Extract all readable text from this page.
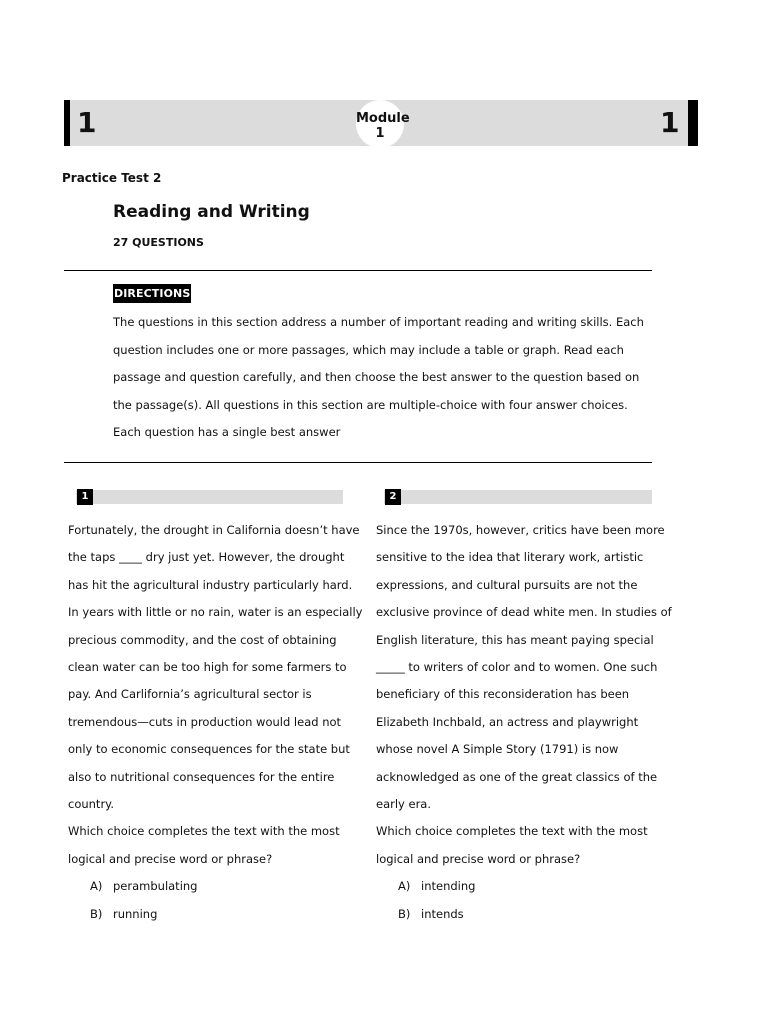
1	1
Module
1
Practice Test 2
Reading and Writing
27 QUESTIONS
DIRECTIONS
The questions in this section address a number of important reading and writing skills. Each question includes one or more passages, which may include a table or graph. Read each passage and question carefully, and then choose the best answer to the question based on the passage(s). All questions in this section are multiple-choice with four answer choices. Each question has a single best answer
1

Fortunately, the drought in California doesn’t have the taps ____ dry just yet. However, the drought has hit the agricultural industry particularly hard. In years with little or no rain, water is an especially precious commodity, and the cost of obtaining clean water can be too high for some farmers to pay. And Carlifornia’s agricultural sector is tremendous—cuts in production would lead not only to economic consequences for the state but also to nutritional consequences for the entire country.

Which choice completes the text with the most logical and precise word or phrase?

A) perambulating
B) running
2

Since the 1970s, however, critics have been more sensitive to the idea that literary work, artistic expressions, and cultural pursuits are not the exclusive province of dead white men. In studies of English literature, this has meant paying special _____ to writers of color and to women. One such beneficiary of this reconsideration has been Elizabeth Inchbald, an actress and playwright whose novel A Simple Story (1791) is now acknowledged as one of the great classics of the early era.

Which choice completes the text with the most logical and precise word or phrase?

A) intending
B) intends
